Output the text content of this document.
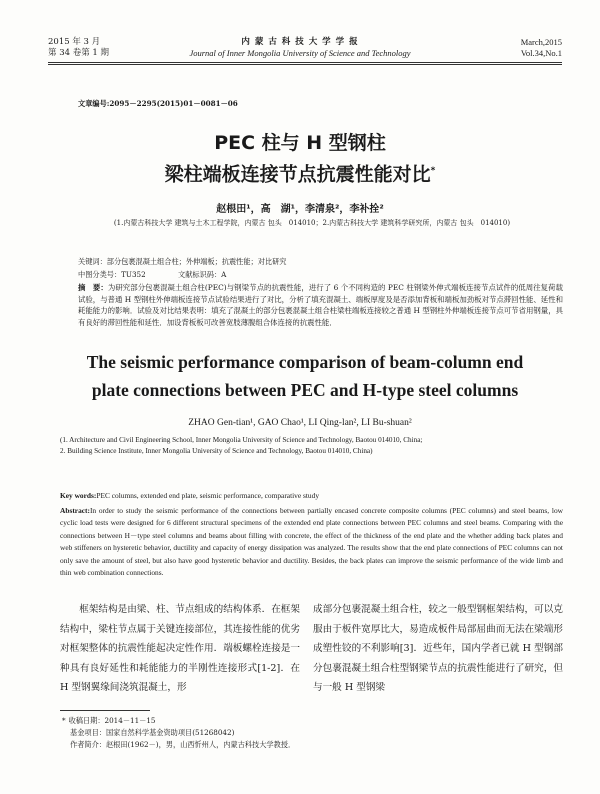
2015 年 3 月
第 34 卷第 1 期
内 蒙 古 科 技 大 学 学 报
Journal of Inner Mongolia University of Science and Technology
March,2015
Vol.34,No.1
文章编号:2095－2295(2015)01－0081－06
PEC 柱与 H 型钢柱
梁柱端板连接节点抗震性能对比*
赵根田¹，高　湖¹，李清泉²，李补拴²
(1.内蒙古科技大学 建筑与土木工程学院，内蒙古 包头　014010；2.内蒙古科技大学 建筑科学研究所，内蒙古 包头　014010)
关键词：部分包裹混凝土组合柱；外伸端板；抗震性能；对比研究
中图分类号：TU352	文献标识码：A
摘　要：为研究部分包裹混凝土组合柱(PEC)与钢梁节点的抗震性能，进行了 6 个不同构造的 PEC 柱钢梁外伸式端板连接节点试件的低周往复荷载试验，与普通 H 型钢柱外伸端板连接节点试验结果进行了对比，分析了填充混凝土、端板厚度及是否添加背板和端板加劲板对节点滞回性能、延性和耗能能力的影响．试验及对比结果表明：填充了混凝土的部分包裹混凝土组合柱梁柱端板连接较之普通 H 型钢柱外伸端板连接节点可节省用钢量，具有良好的滞回性能和延性．加设背板板可改善宽肢薄腹组合体连接的抗震性能．
The seismic performance comparison of beam-column end
plate connections between PEC and H-type steel columns
ZHAO Gen-tian¹, GAO Chao¹, LI Qing-lan², LI Bu-shuan²
(1. Architecture and Civil Engineering School, Inner Mongolia University of Science and Technology, Baotou 014010, China;
2. Building Science Institute, Inner Mongolia University of Science and Technology, Baotou 014010, China)
Key words:PEC columns, extended end plate, seismic performance, comparative study
Abstract:In order to study the seismic performance of the connections between partially encased concrete composite columns (PEC columns) and steel beams, low cyclic load tests were designed for 6 different structural specimens of the extended end plate connections between PEC columns and steel beams. Comparing with the connections between H－type steel columns and beams about filling with concrete, the effect of the thickness of the end plate and the whether adding back plates and web stiffeners on hysteretic behavior, ductility and capacity of energy dissipation was analyzed. The results show that the end plate connections of PEC columns can not only save the amount of steel, but also have good hysteretic behavior and ductility. Besides, the back plates can improve the seismic performance of the wide limb and thin web combination connections.

框架结构是由梁、柱、节点组成的结构体系．在框架结构中，梁柱节点属于关键连接部位，其连接性能的优劣对框架整体的抗震性能起决定性作用．端板螺栓连接是一种具有良好延性和耗能能力的半刚性连接形式[1-2]．在 H 型钢翼缘间浇筑混凝土，形

成部分包裹混凝土组合柱，较之一般型钢框架结构，可以克服由于板件宽厚比大，易造成板件局部屈曲而无法在梁端形成塑性铰的不利影响[3]．近些年，国内学者已就 H 型钢部分包裹混凝土组合柱型钢梁节点的抗震性能进行了研究，但与一般 H 型钢梁

* 收稿日期：2014－11－15
基金项目：国家自然科学基金资助项目(51268042)
作者简介：赵根田(1962－)，男，山西忻州人，内蒙古科技大学教授．
